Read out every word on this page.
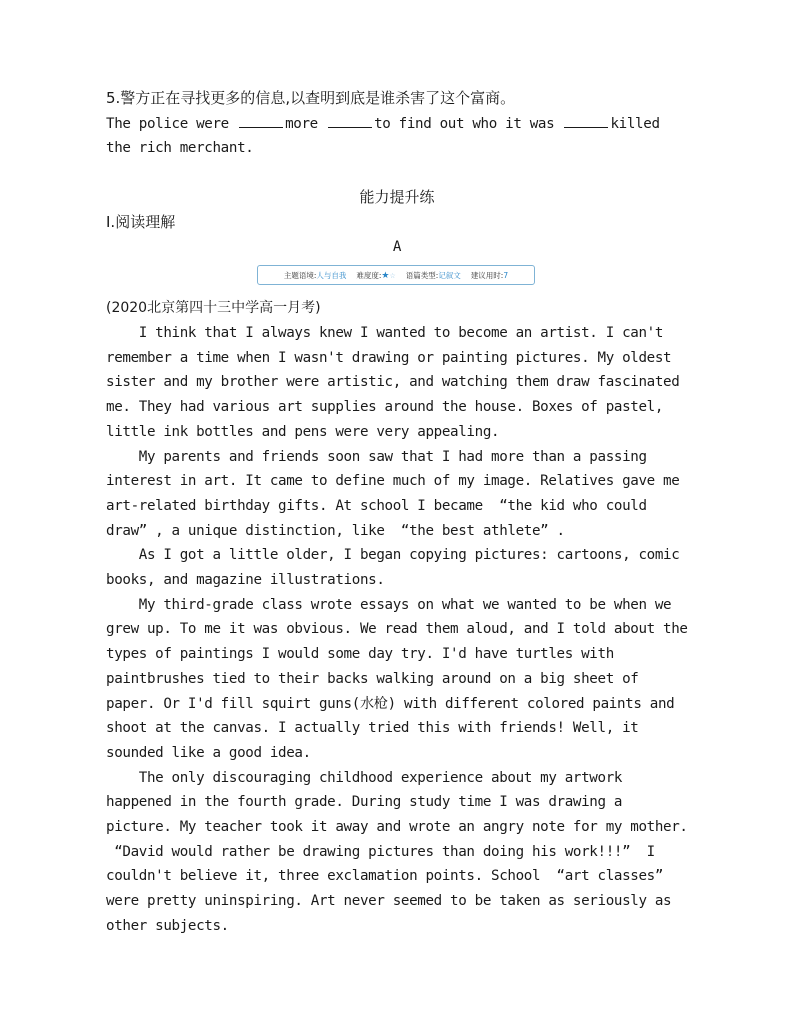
5.警方正在寻找更多的信息,以查明到底是谁杀害了这个富商。
The police were	more	to find out who it was	killed
the rich merchant.
能力提升练
Ⅰ.阅读理解
A
主题语境:人与自我 难度度:★☆ 语篇类型:记叙文 建议用时:7
(2020北京第四十三中学高一月考)
I think that I always knew I wanted to become an artist. I can't
remember a time when I wasn't drawing or painting pictures. My oldest
sister and my brother were artistic, and watching them draw fascinated
me. They had various art supplies around the house. Boxes of pastel,
little ink bottles and pens were very appealing.
My parents and friends soon saw that I had more than a passing
interest in art. It came to define much of my image. Relatives gave me
art-related birthday gifts. At school I became  “the kid who could
draw” , a unique distinction, like  “the best athlete” .
As I got a little older, I began copying pictures: cartoons, comic
books, and magazine illustrations.
My third-grade class wrote essays on what we wanted to be when we
grew up. To me it was obvious. We read them aloud, and I told about the
types of paintings I would some day try. I'd have turtles with
paintbrushes tied to their backs walking around on a big sheet of
paper. Or I'd fill squirt guns(水枪) with different colored paints and
shoot at the canvas. I actually tried this with friends! Well, it
sounded like a good idea.
The only discouraging childhood experience about my artwork
happened in the fourth grade. During study time I was drawing a
picture. My teacher took it away and wrote an angry note for my mother.
“David would rather be drawing pictures than doing his work!!!”  I
couldn't believe it, three exclamation points. School  “art classes”
were pretty uninspiring. Art never seemed to be taken as seriously as
other subjects.
